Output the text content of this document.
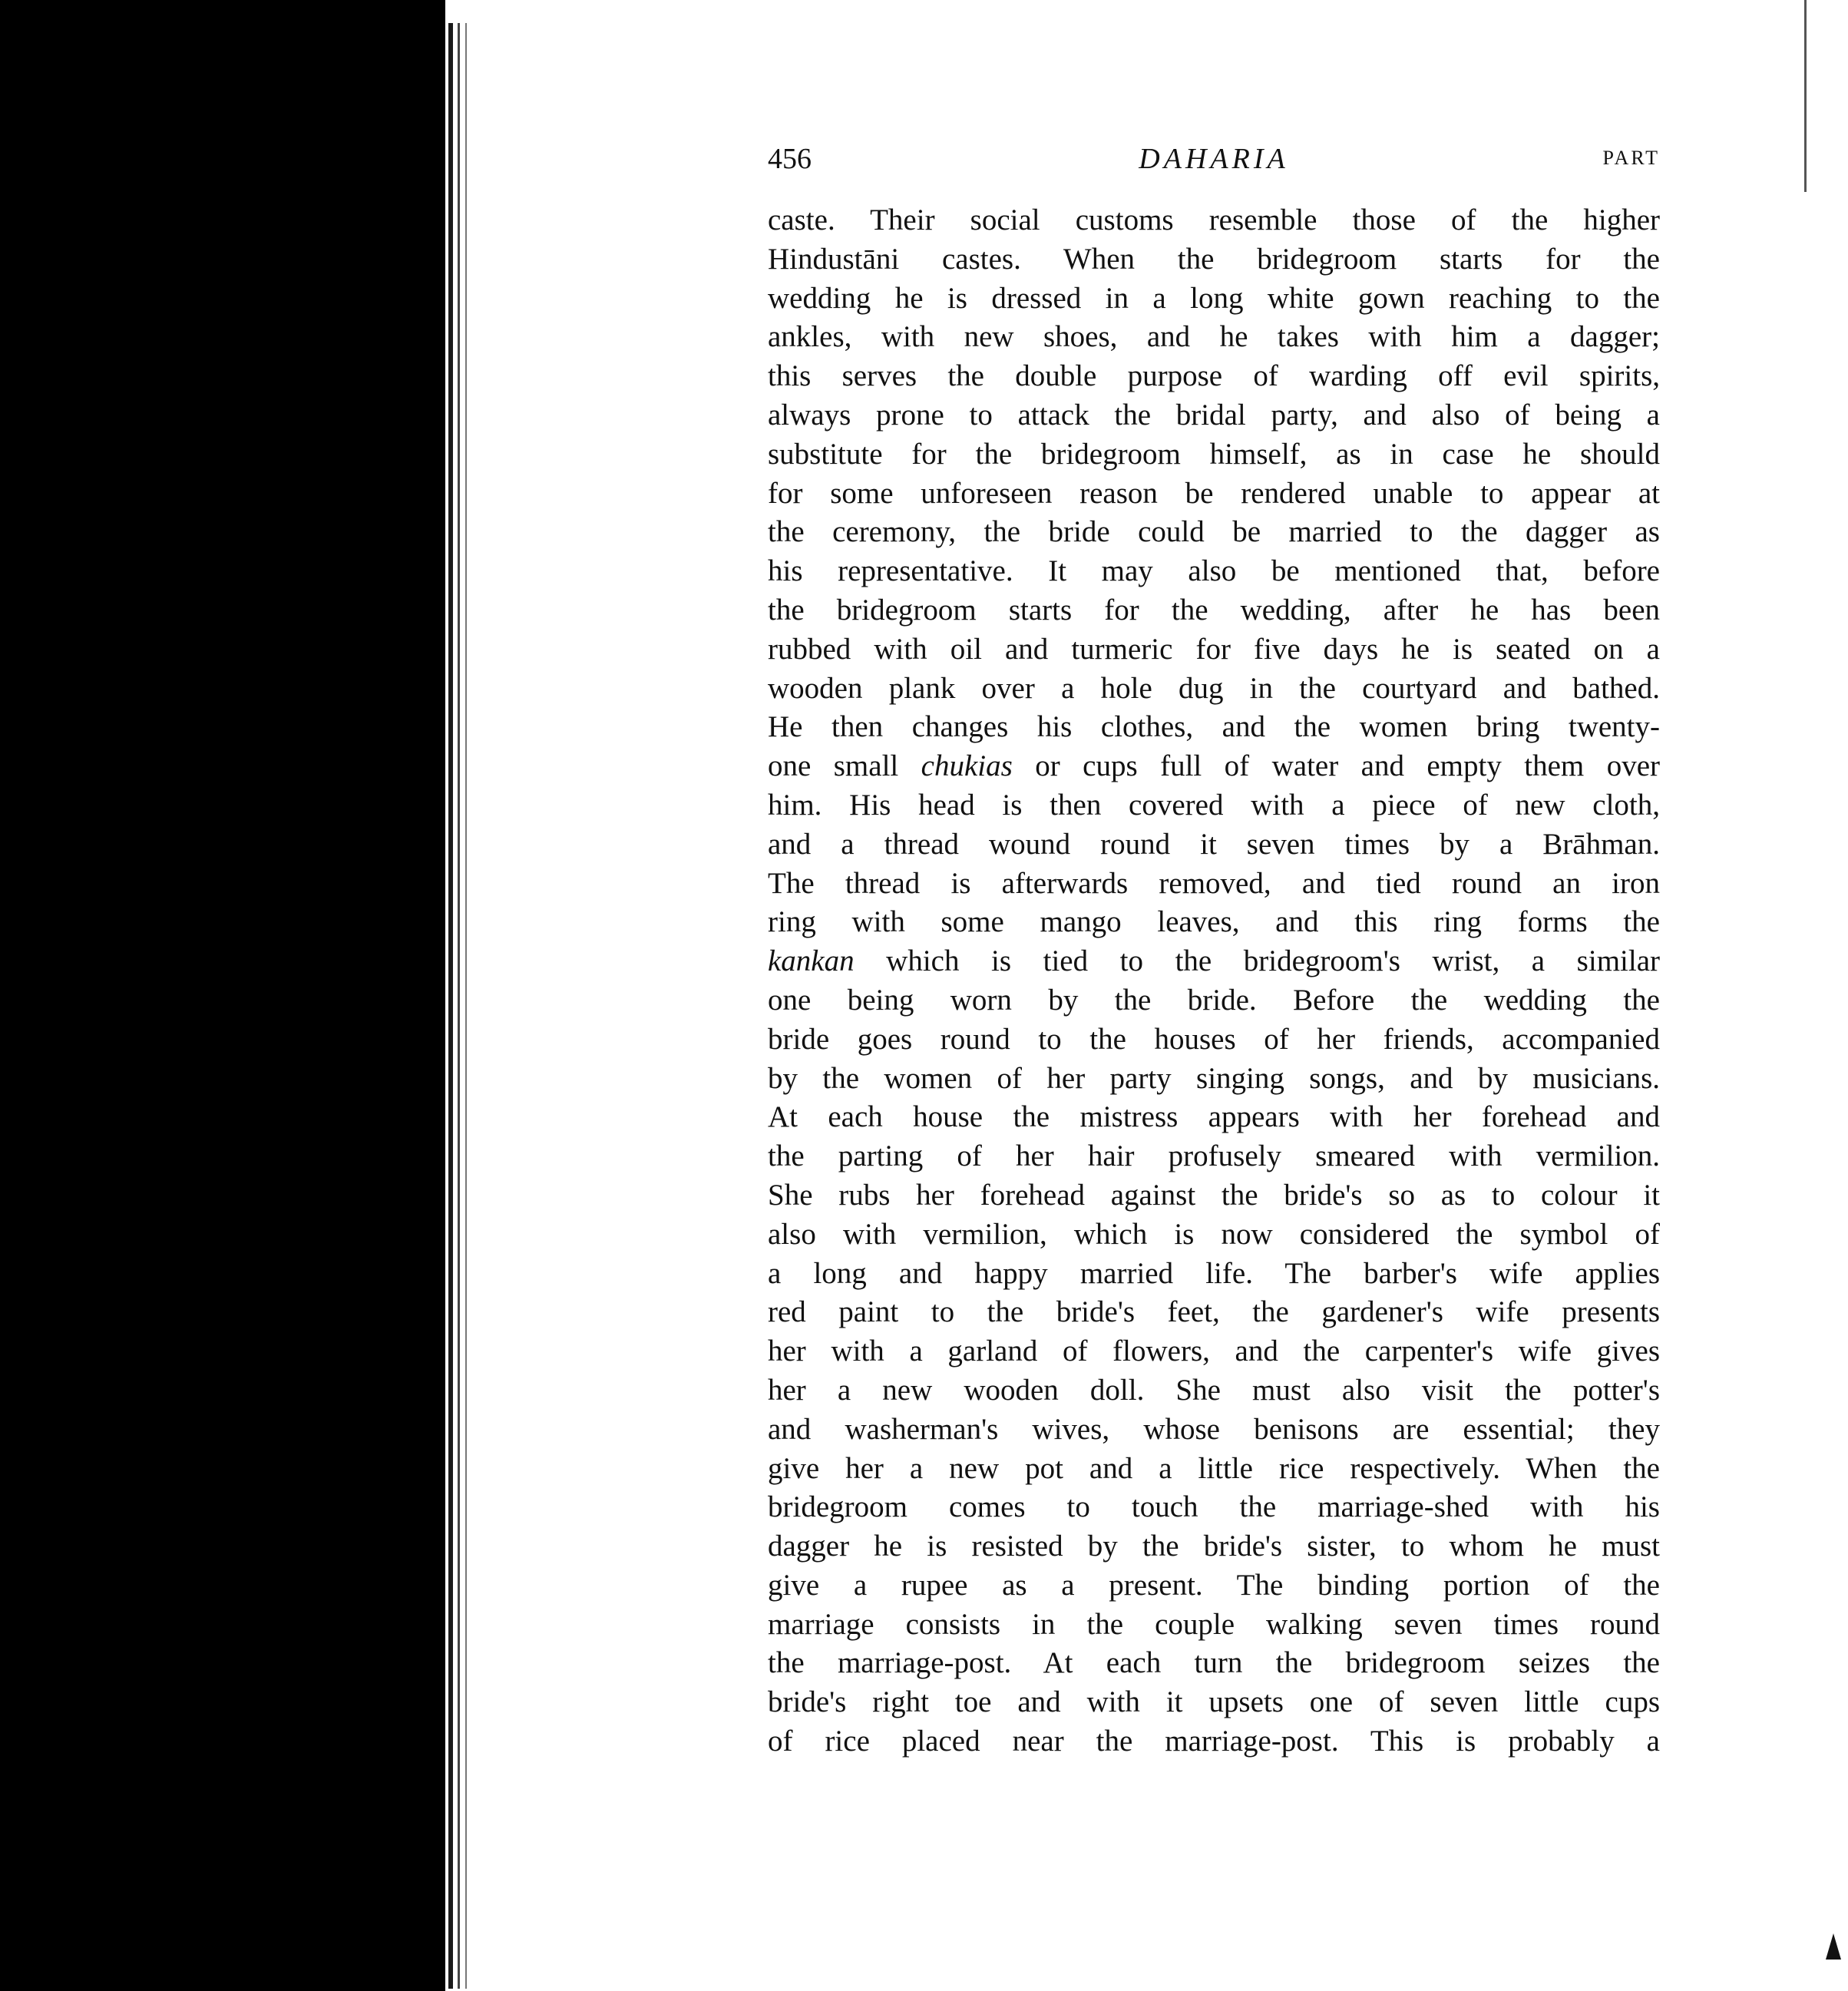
456	DAHARIA	PART
caste. Their social customs resemble those of the higher
Hindustāni castes. When the bridegroom starts for the
wedding he is dressed in a long white gown reaching to the
ankles, with new shoes, and he takes with him a dagger;
this serves the double purpose of warding off evil spirits,
always prone to attack the bridal party, and also of being a
substitute for the bridegroom himself, as in case he should
for some unforeseen reason be rendered unable to appear at
the ceremony, the bride could be married to the dagger as
his representative. It may also be mentioned that, before
the bridegroom starts for the wedding, after he has been
rubbed with oil and turmeric for five days he is seated on a
wooden plank over a hole dug in the courtyard and bathed.
He then changes his clothes, and the women bring twenty-
one small chukias or cups full of water and empty them over
him. His head is then covered with a piece of new cloth,
and a thread wound round it seven times by a Brāhman.
The thread is afterwards removed, and tied round an iron
ring with some mango leaves, and this ring forms the
kankan which is tied to the bridegroom's wrist, a similar
one being worn by the bride. Before the wedding the
bride goes round to the houses of her friends, accompanied
by the women of her party singing songs, and by musicians.
At each house the mistress appears with her forehead and
the parting of her hair profusely smeared with vermilion.
She rubs her forehead against the bride's so as to colour it
also with vermilion, which is now considered the symbol of
a long and happy married life. The barber's wife applies
red paint to the bride's feet, the gardener's wife presents
her with a garland of flowers, and the carpenter's wife gives
her a new wooden doll. She must also visit the potter's
and washerman's wives, whose benisons are essential; they
give her a new pot and a little rice respectively. When the
bridegroom comes to touch the marriage-shed with his
dagger he is resisted by the bride's sister, to whom he must
give a rupee as a present. The binding portion of the
marriage consists in the couple walking seven times round
the marriage-post. At each turn the bridegroom seizes the
bride's right toe and with it upsets one of seven little cups
of rice placed near the marriage-post. This is probably a
